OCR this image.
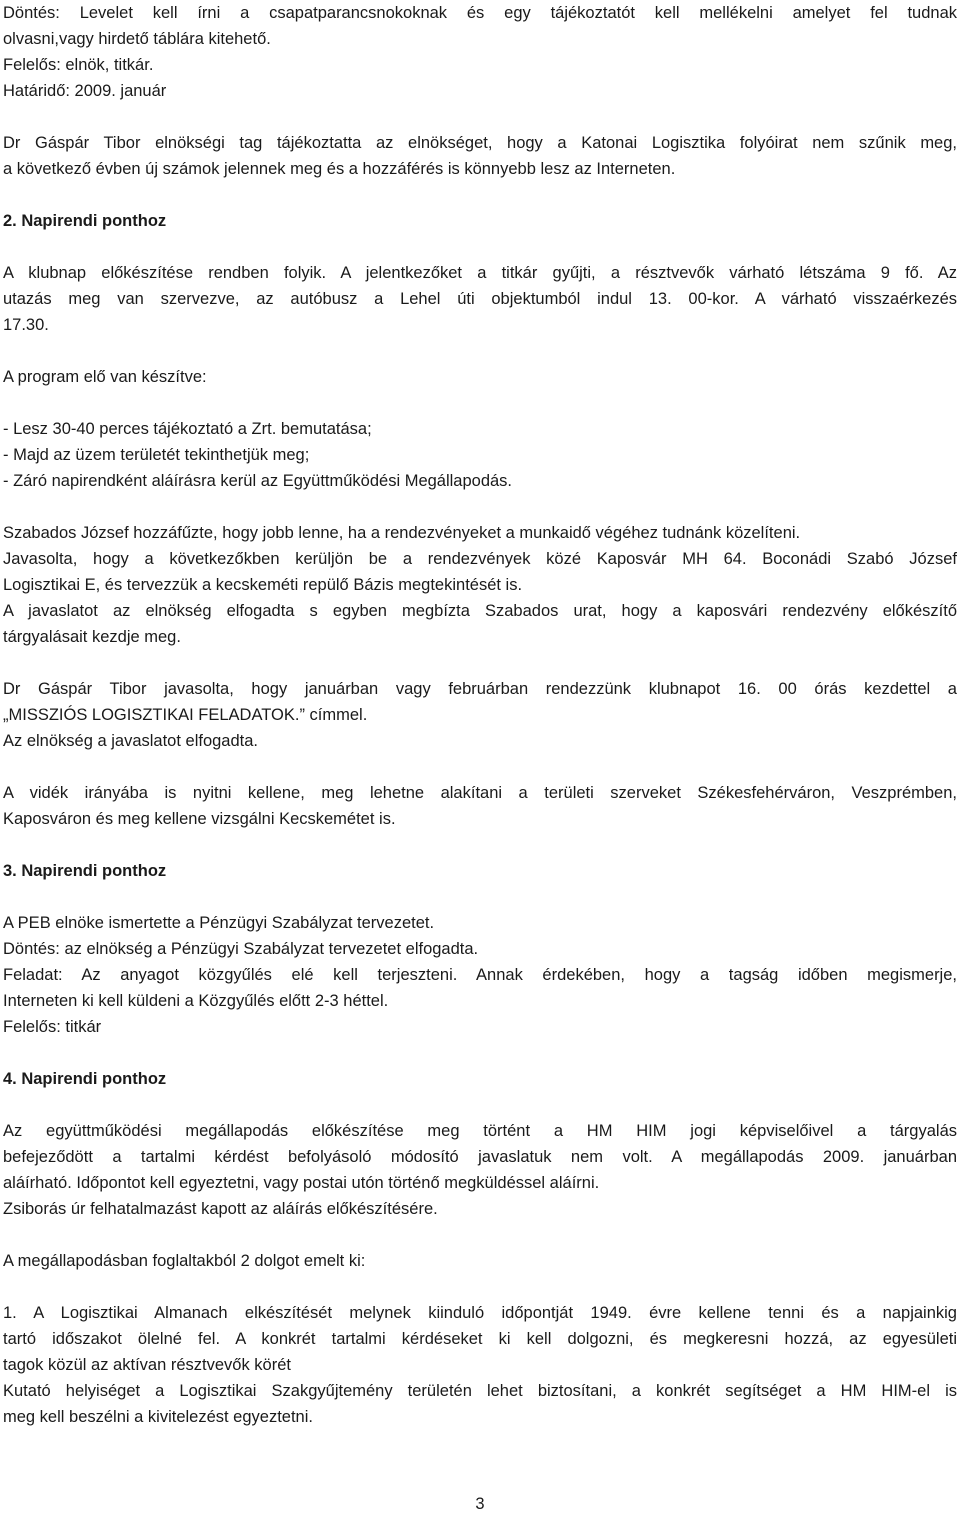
Döntés: Levelet kell írni a csapatparancsnokoknak és egy tájékoztatót kell mellékelni amelyet fel tudnak
olvasni,vagy hirdető táblára kitehető.
Felelős: elnök, titkár.
Határidő: 2009. január
Dr Gáspár Tibor elnökségi tag tájékoztatta az elnökséget, hogy a Katonai Logisztika folyóirat nem szűnik meg,
a következő évben új számok jelennek meg és a hozzáférés is könnyebb lesz az Interneten.
2. Napirendi ponthoz
A klubnap előkészítése rendben folyik. A jelentkezőket a titkár gyűjti, a résztvevők várható létszáma 9 fő. Az
utazás meg van szervezve, az autóbusz a Lehel úti objektumból indul 13. 00-kor. A várható visszaérkezés
17.30.
A program elő van készítve:
- Lesz 30-40 perces tájékoztató a Zrt. bemutatása;
- Majd az üzem területét tekinthetjük meg;
- Záró napirendként aláírásra kerül az Együttműködési Megállapodás.
Szabados József hozzáfűzte, hogy jobb lenne, ha a rendezvényeket a munkaidő végéhez tudnánk közelíteni.
Javasolta, hogy a következőkben kerüljön be a rendezvények közé Kaposvár MH 64. Boconádi Szabó József
Logisztikai E, és tervezzük a kecskeméti repülő Bázis megtekintését is.
A javaslatot az elnökség elfogadta s egyben megbízta Szabados urat, hogy a kaposvári rendezvény előkészítő
tárgyalásait kezdje meg.
Dr Gáspár Tibor javasolta, hogy januárban vagy februárban rendezzünk klubnapot 16. 00 órás kezdettel a
„MISSZIÓS LOGISZTIKAI FELADATOK.” címmel.
Az elnökség a javaslatot elfogadta.
A vidék irányába is nyitni kellene, meg lehetne alakítani a területi szerveket Székesfehérváron, Veszprémben,
Kaposváron és meg kellene vizsgálni Kecskemétet is.
3. Napirendi ponthoz
A PEB elnöke ismertette a Pénzügyi Szabályzat tervezetet.
Döntés: az elnökség a Pénzügyi Szabályzat tervezetet elfogadta.
Feladat: Az anyagot közgyűlés elé kell terjeszteni. Annak érdekében, hogy a tagság időben megismerje,
Interneten ki kell küldeni a Közgyűlés előtt 2-3 héttel.
Felelős: titkár
4. Napirendi ponthoz
Az együttműködési megállapodás előkészítése meg történt a HM HIM jogi képviselőivel a tárgyalás
befejeződött a tartalmi kérdést befolyásoló módosító javaslatuk nem volt. A megállapodás 2009. januárban
aláírható. Időpontot kell egyeztetni, vagy postai utón történő megküldéssel aláírni.
Zsiborás úr felhatalmazást kapott az aláírás előkészítésére.
A megállapodásban foglaltakból 2 dolgot emelt ki:
1. A Logisztikai Almanach elkészítését melynek kiinduló időpontját 1949. évre kellene tenni és a napjainkig
tartó időszakot ölelné fel. A konkrét tartalmi kérdéseket ki kell dolgozni, és megkeresni hozzá, az egyesületi
tagok közül az aktívan résztvevők körét
Kutató helyiséget a Logisztikai Szakgyűjtemény területén lehet biztosítani, a konkrét segítséget a HM HIM-el is
meg kell beszélni a kivitelezést egyeztetni.
3
